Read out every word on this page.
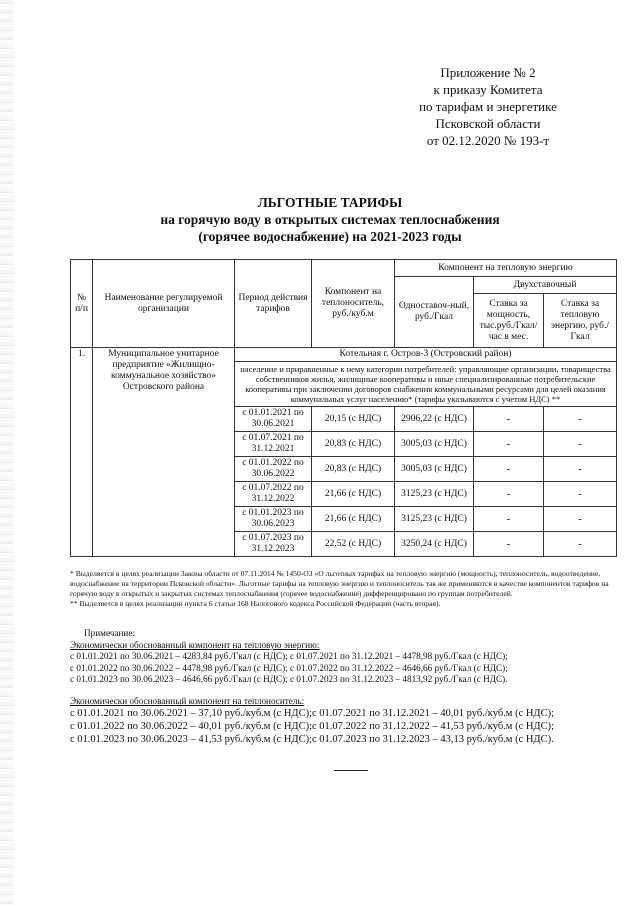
Приложение № 2
к приказу Комитета
по тарифам и энергетике
Псковской области
от 02.12.2020 № 193-т
ЛЬГОТНЫЕ ТАРИФЫ
на горячую воду в открытых системах теплоснабжения
(горячее водоснабжение) на 2021-2023 годы
№ п/п	Наименование регулируемой организации	Период действия тарифов	Компонент на теплоноситель, руб./куб.м	Компонент на тепловую энергию		
				Одноставоч-ный, руб./Гкал	Двухставочный	
					Ставка за мощность, тыс.руб./Гкал/час в мес.	Ставка за тепловую энергию, руб./Гкал
1.	Муниципальное унитарное предприятие «Жилищно-коммунальное хозяйство» Островского района	Котельная г. Остров-3 (Островский район)				
		население и приравненные к нему категории потребителей: управляющие организации, товарищества собственников жилья, жилищные кооперативы и иные специализированные потребительские кооперативы при заключении договоров снабжения коммунальными ресурсами для целей оказания коммунальных услуг населению* (тарифы указываются с учетом НДС) **				
		с 01.01.2021 по 30.06.2021	20,15 (с НДС)	2906,22 (с НДС)	-	-
		с 01.07.2021 по 31.12.2021	20,83 (с НДС)	3005,03 (с НДС)	-	-
		с 01.01.2022 по 30.06.2022	20,83 (с НДС)	3005,03 (с НДС)	-	-
		с 01.07.2022 по 31.12.2022	21,66 (с НДС)	3125,23 (с НДС)	-	-
		с 01.01.2023 по 30.06.2023	21,66 (с НДС)	3125,23 (с НДС)	-	-
		с 01.07.2023 по 31.12.2023	22,52 (с НДС)	3250,24 (с НДС)	-	-

* Выделяется в целях реализации Закона области от 07.11.2014 № 1450-ОЗ «О льготных тарифах на тепловую энергию (мощность), теплоноситель, водоотведение, водоснабжение на территории Псковской области». Льготные тарифы на тепловую энергию и теплоноситель так же применяются в качестве компонентов тарифов на горячую воду в открытых и закрытых системах теплоснабжения (горячее водоснабжение) дифференцировано по группам потребителей.

** Выделяется в целях реализации пункта 6 статьи 168 Налогового кодекса Российской Федерации (часть вторая).

Примечание:
Экономически обоснованный компонент на тепловую энергию:
с 01.01.2021 по 30.06.2021 – 4283,84 руб./Гкал (с НДС); с 01.07.2021 по 31.12.2021 – 4478,98 руб./Гкал (с НДС);
с 01.01.2022 по 30.06.2022 – 4478,98 руб./Гкал (с НДС); с 01.07.2022 по 31.12.2022 – 4646,66 руб./Гкал (с НДС);
с 01.01.2023 по 30.06.2023 – 4646,66 руб./Гкал (с НДС); с 01.07.2023 по 31.12.2023 – 4813,92 руб./Гкал (с НДС).
Экономически обоснованный компонент на теплоноситель:
с 01.01.2021 по 30.06.2021 – 37,10 руб./куб.м (с НДС);с 01.07.2021 по 31.12.2021 – 40,01 руб./куб.м (с НДС);
с 01.01.2022 по 30.06.2022 – 40,01 руб./куб.м (с НДС);с 01.07.2022 по 31.12.2022 – 41,53 руб./куб.м (с НДС);
с 01.01.2023 по 30.06.2023 – 41,53 руб./куб.м (с НДС);с 01.07.2023 по 31.12.2023 – 43,13 руб./куб.м (с НДС).
